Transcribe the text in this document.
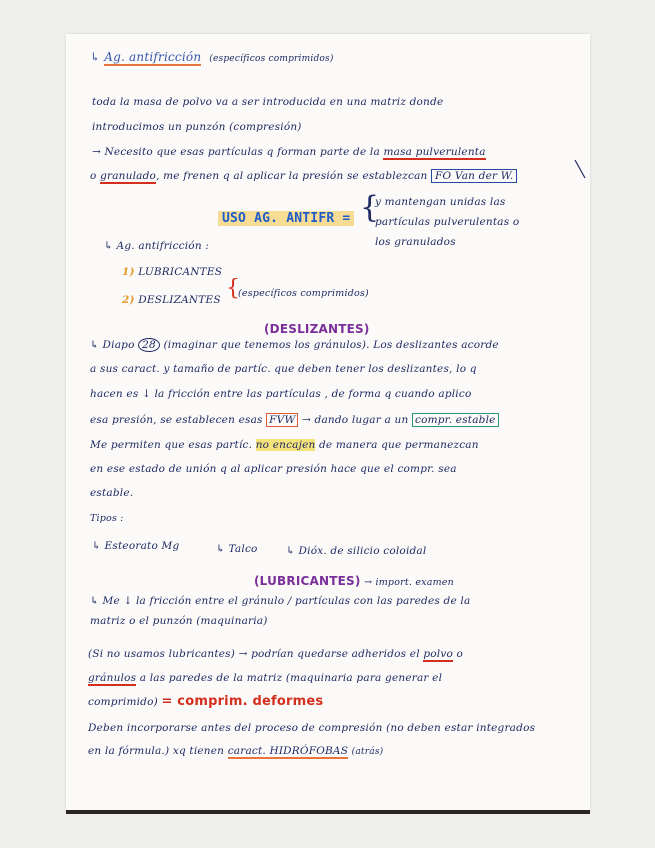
↳ Ag. antifricción (específicos comprimidos)
toda la masa de polvo va a ser introducida en una matriz donde
introducimos un punzón (compresión)
→ Necesito que esas partículas q forman parte de la masa pulverulenta
o granulado, me frenen q al aplicar la presión se establezcan FO Van der W.
USO AG. ANTIFR = {
y mantengan unidas las
partículas pulverulentas o
los granulados
↳ Ag. antifricción :
1) LUBRICANTES
2) DESLIZANTES {
(específicos comprimidos)
(DESLIZANTES)
↳ Diapo 28 (imaginar que tenemos los gránulos). Los deslizantes acorde
a sus caract. y tamaño de partíc. que deben tener los deslizantes, lo q
hacen es ↓ la fricción entre las partículas , de forma q cuando aplico
esa presión, se establecen esas FVW → dando lugar a un compr. estable
Me permiten que esas partíc. no encajen de manera que permanezcan
en ese estado de unión q al aplicar presión hace que el compr. sea
estable.
Tipos :
↳ Esteorato Mg	↳ Talco	↳ Dióx. de silicio coloidal
(LUBRICANTES) → import. examen
↳ Me ↓ la fricción entre el gránulo / partículas con las paredes de la
matriz o el punzón (maquinaria)
(Si no usamos lubricantes) → podrían quedarse adheridos el polvo o
gránulos a las paredes de la matriz (maquinaria para generar el
comprimido) = comprim. deformes
Deben incorporarse antes del proceso de compresión (no deben estar integrados
en la fórmula.) xq tienen caract. HIDRÓFOBAS (atrás)
